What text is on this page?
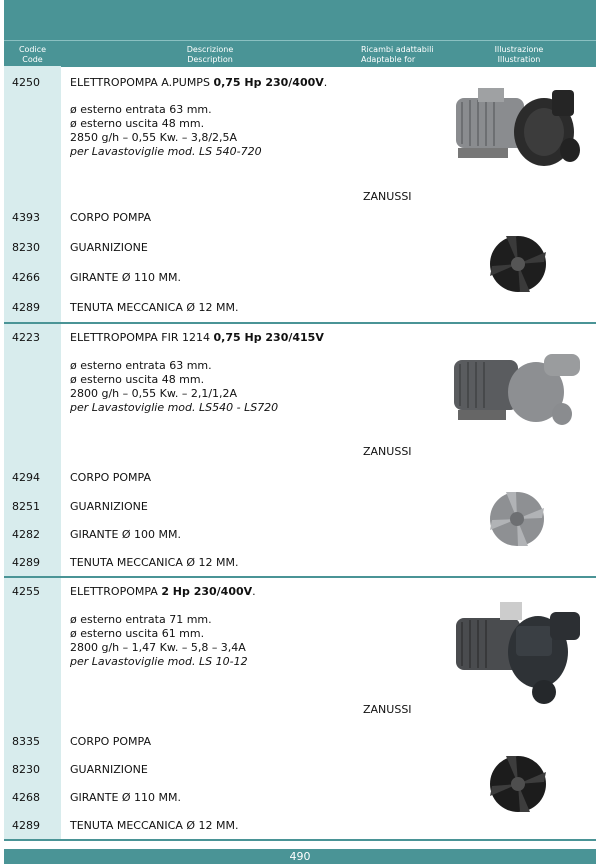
Codice
Code
Descrizione
Description
Ricambi adattabili
Adaptable for
Illustrazione
Illustration
4250	ELETTROPOMPA A.PUMPS 0,75 Hp 230/400V.
ø esterno entrata 63 mm.
ø esterno uscita 48 mm.
2850 g/h – 0,55 Kw. – 3,8/2,5A
per Lavastoviglie mod. LS 540-720
ZANUSSI
4393	CORPO POMPA
8230	GUARNIZIONE
4266	GIRANTE Ø 110 MM.
4289	TENUTA MECCANICA Ø 12 MM.
4223	ELETTROPOMPA FIR 1214 0,75 Hp 230/415V
ø esterno entrata 63 mm.
ø esterno uscita 48 mm.
2800 g/h – 0,55 Kw. – 2,1/1,2A
per Lavastoviglie mod. LS540 - LS720
ZANUSSI
4294	CORPO POMPA
8251	GUARNIZIONE
4282	GIRANTE Ø 100 MM.
4289	TENUTA MECCANICA Ø 12 MM.
4255	ELETTROPOMPA 2 Hp 230/400V.
ø esterno entrata 71 mm.
ø esterno uscita 61 mm.
2800 g/h – 1,47 Kw. – 5,8 – 3,4A
per Lavastoviglie mod. LS 10-12
ZANUSSI
8335	CORPO POMPA
8230	GUARNIZIONE
4268	GIRANTE Ø 110 MM.
4289	TENUTA MECCANICA Ø 12 MM.
490
